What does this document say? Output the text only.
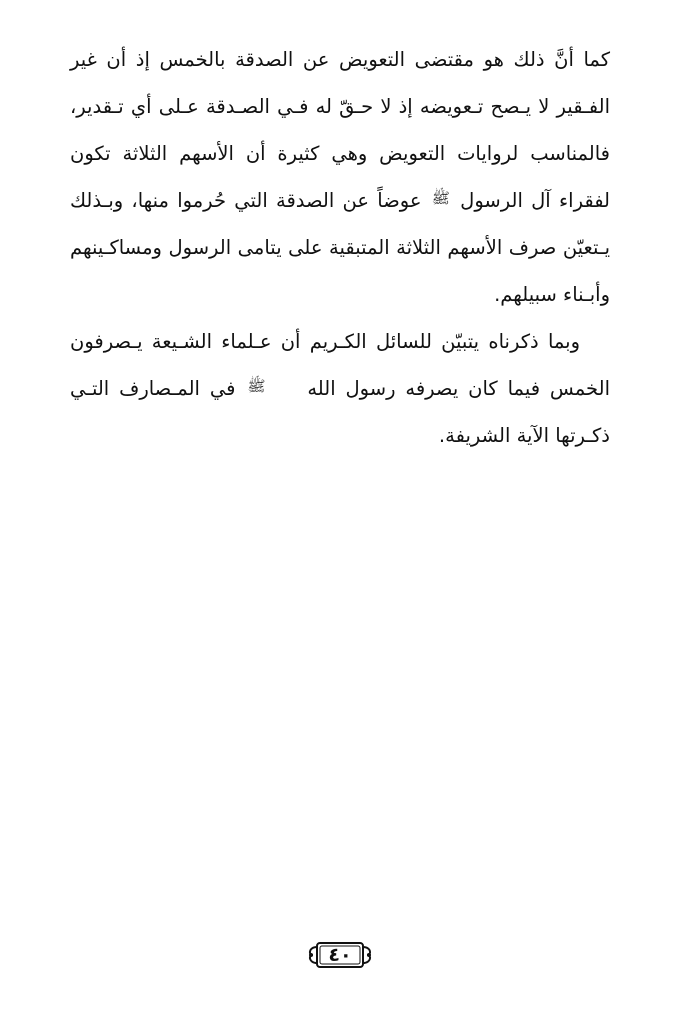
كما أنَّ ذلك هو مقتضى التعويض عن الصدقة بالخمس إذ أن غير الفـقير لا يـصح تـعويضه إذ لا حـقّ له فـي الصـدقة عـلى أي تـقدير، فالمناسب لروايات التعويض وهي كثيرة أن الأسهم الثلاثة تكون لفقراء آل الرسول ﷺ عوضاً عن الصدقة التي حُرموا منها، وبـذلك يـتعيّن صرف الأسهم الثلاثة المتبقية على يتامى الرسول ومساكـينهم وأبـناء سبيلهم.

وبما ذكرناه يتبيّن للسائل الكـريم أن عـلماء الشـيعة يـصرفون الخمس فيما كان يصرفه رسول الله ﷺ في المـصارف التـي ذكـرتها الآية الشريفة.

٤٠
